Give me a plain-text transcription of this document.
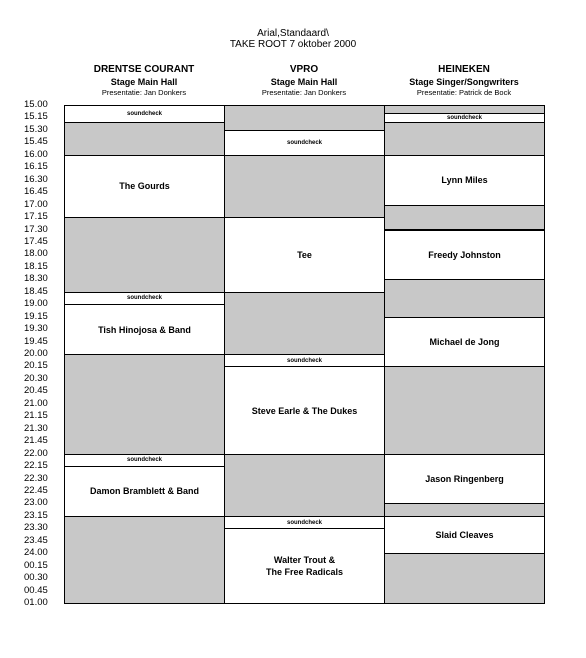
Arial,Standaard\
TAKE ROOT 7 oktober 2000
DRENTSE COURANT
Stage Main Hall
Presentatie: Jan Donkers
VPRO
Stage Main Hall
Presentatie: Jan Donkers
HEINEKEN
Stage Singer/Songwriters
Presentatie: Patrick de Bock
15.00
15.15
15.30
15.45
16.00
16.15
16.30
16.45
17.00
17.15
17.30
17.45
18.00
18.15
18.30
18.45
19.00
19.15
19.30
19.45
20.00
20.15
20.30
20.45
21.00
21.15
21.30
21.45
22.00
22.15
22.30
22.45
23.00
23.15
23.30
23.45
24.00
00.15
00.30
00.45
01.00
soundcheck
The Gourds
soundcheck
Tish Hinojosa & Band
soundcheck
Damon Bramblett & Band
soundcheck
Tee
soundcheck
Steve Earle & The Dukes
soundcheck
Walter Trout &
The Free Radicals
soundcheck
Lynn Miles
Freedy Johnston
Michael de Jong
Jason Ringenberg
Slaid Cleaves
